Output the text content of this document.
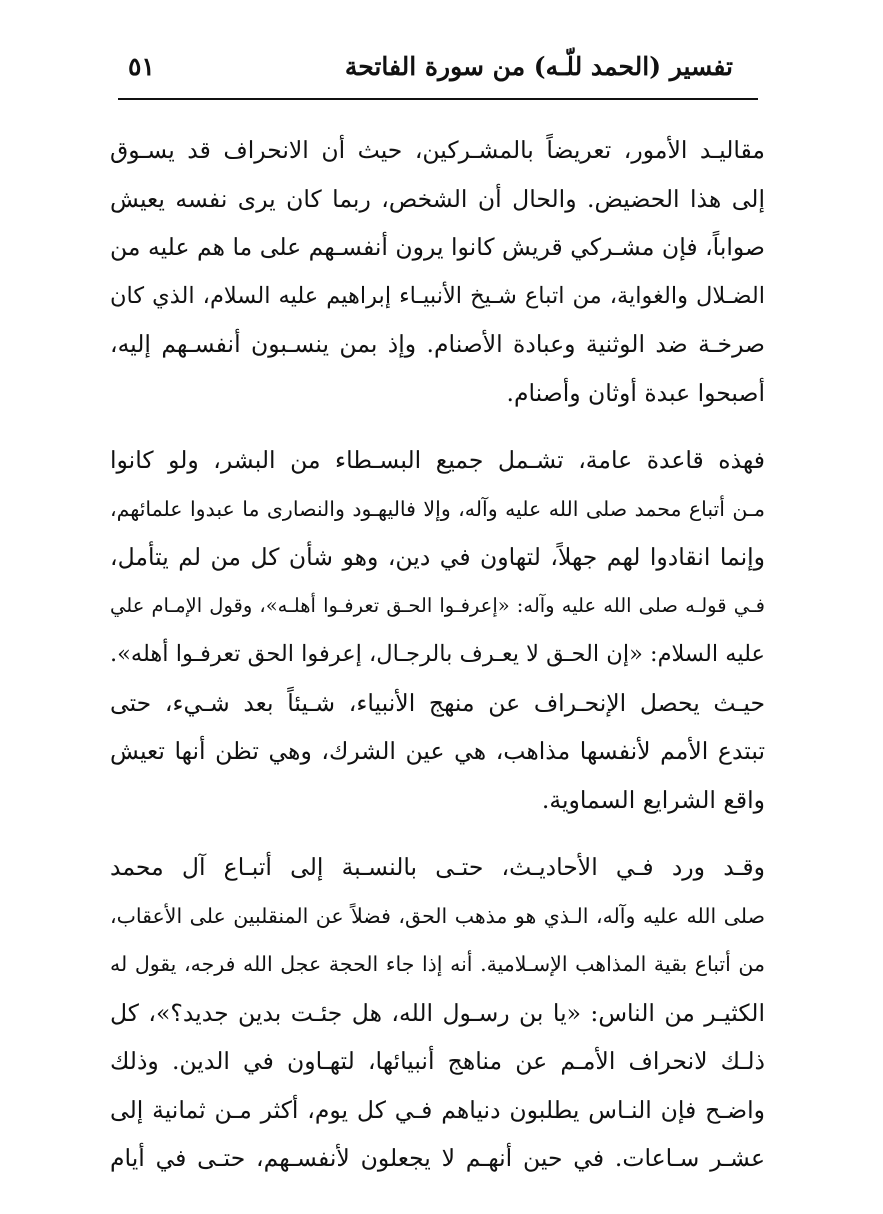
تفسير (الحمد للّـه) من سورة الفاتحة
٥١
مقاليـد الأمور، تعريضاً بالمشـركين، حيث أن الانحراف قد يسـوق
إلى هذا الحضيض. والحال أن الشخص، ربما كان يرى نفسه يعيش
صواباً، فإن مشـركي قريش كانوا يرون أنفسـهم على ما هم عليه من
الضـلال والغواية، من اتباع شـيخ الأنبيـاء إبراهيم عليه السلام، الذي كان
صرخـة ضد الوثنية وعبادة الأصنام. وإذ بمن ينسـبون أنفسـهم إليه،
أصبحوا عبدة أوثان وأصنام.
فهذه قاعدة عامة، تشـمل جميع البسـطاء من البشر، ولو كانوا
مـن أتباع محمد صلى الله عليه وآله، وإلا فاليهـود والنصارى ما عبدوا علمائهم،
وإنما انقادوا لهم جهلاً، لتهاون في دين، وهو شأن كل من لم يتأمل،
فـي قولـه صلى الله عليه وآله: «إعرفـوا الحـق تعرفـوا أهلـه»، وقول الإمـام علي
عليه السلام: «إن الحـق لا يعـرف بالرجـال، إعرفوا الحق تعرفـوا أهله».
حيـث يحصل الإنحـراف عن منهج الأنبياء، شـيئاً بعد شـيء، حتى
تبتدع الأمم لأنفسها مذاهب، هي عين الشرك، وهي تظن أنها تعيش
واقع الشرايع السماوية.
وقـد ورد فـي الأحاديـث، حتـى بالنسـبة إلى أتبـاع آل محمد
صلى الله عليه وآله، الـذي هو مذهب الحق، فضلاً عن المنقلبين على الأعقاب،
من أتباع بقية المذاهب الإسـلامية. أنه إذا جاء الحجة عجل الله فرجه، يقول له
الكثيـر من الناس: «يا بن رسـول الله، هل جئـت بدين جديد؟»، كل
ذلـك لانحراف الأمـم عن مناهج أنبيائها، لتهـاون في الدين. وذلك
واضـح فإن النـاس يطلبون دنياهم فـي كل يوم، أكثر مـن ثمانية إلى
عشـر سـاعات. في حين أنهـم لا يجعلون لأنفسـهم، حتـى في أيام
